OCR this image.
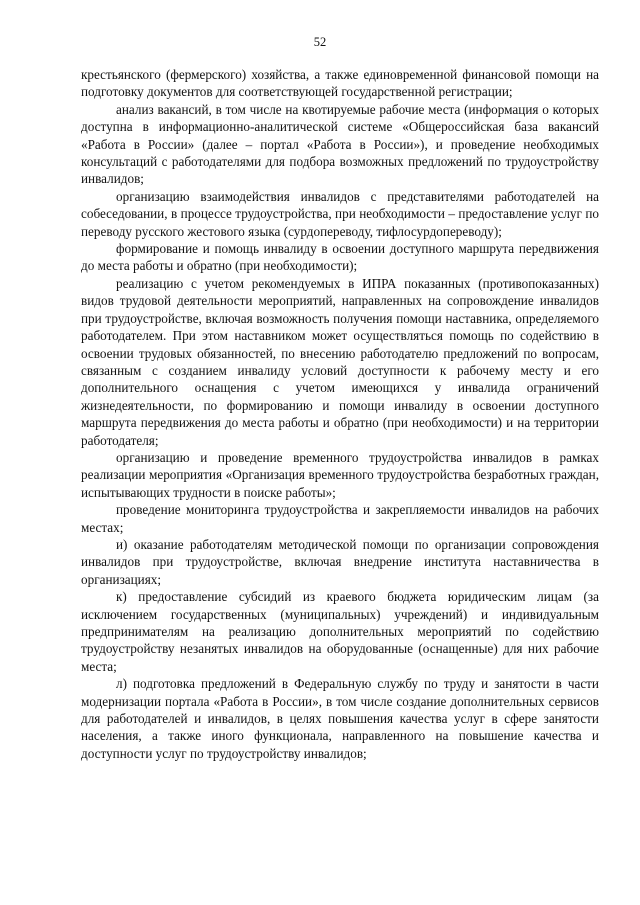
52

крестьянского (фермерского) хозяйства, а также единовременной финансовой помощи на подготовку документов для соответствующей государственной регистрации;

анализ вакансий, в том числе на квотируемые рабочие места (информация о которых доступна в информационно-аналитической системе «Общероссийская база вакансий «Работа в России» (далее – портал «Работа в России»), и проведение необходимых консультаций с работодателями для подбора возможных предложений по трудоустройству инвалидов;

организацию взаимодействия инвалидов с представителями работодателей на собеседовании, в процессе трудоустройства, при необходимости – предоставление услуг по переводу русского жестового языка (сурдопереводу, тифлосурдопереводу);

формирование и помощь инвалиду в освоении доступного маршрута передвижения до места работы и обратно (при необходимости);

реализацию с учетом рекомендуемых в ИПРА показанных (противопоказанных) видов трудовой деятельности мероприятий, направленных на сопровождение инвалидов при трудоустройстве, включая возможность получения помощи наставника, определяемого работодателем. При этом наставником может осуществляться помощь по содействию в освоении трудовых обязанностей, по внесению работодателю предложений по вопросам, связанным с созданием инвалиду условий доступности к рабочему месту и его дополнительного оснащения с учетом имеющихся у инвалида ограничений жизнедеятельности, по формированию и помощи инвалиду в освоении доступного маршрута передвижения до места работы и обратно (при необходимости) и на территории работодателя;

организацию и проведение временного трудоустройства инвалидов в рамках реализации мероприятия «Организация временного трудоустройства безработных граждан, испытывающих трудности в поиске работы»;

проведение мониторинга трудоустройства и закрепляемости инвалидов на рабочих местах;

и) оказание работодателям методической помощи по организации сопровождения инвалидов при трудоустройстве, включая внедрение института наставничества в организациях;

к) предоставление субсидий из краевого бюджета юридическим лицам (за исключением государственных (муниципальных) учреждений) и индивидуальным предпринимателям на реализацию дополнительных мероприятий по содействию трудоустройству незанятых инвалидов на оборудованные (оснащенные) для них рабочие места;

л) подготовка предложений в Федеральную службу по труду и занятости в части модернизации портала «Работа в России», в том числе создание дополнительных сервисов для работодателей и инвалидов, в целях повышения качества услуг в сфере занятости населения, а также иного функционала, направленного на повышение качества и доступности услуг по трудоустройству инвалидов;
